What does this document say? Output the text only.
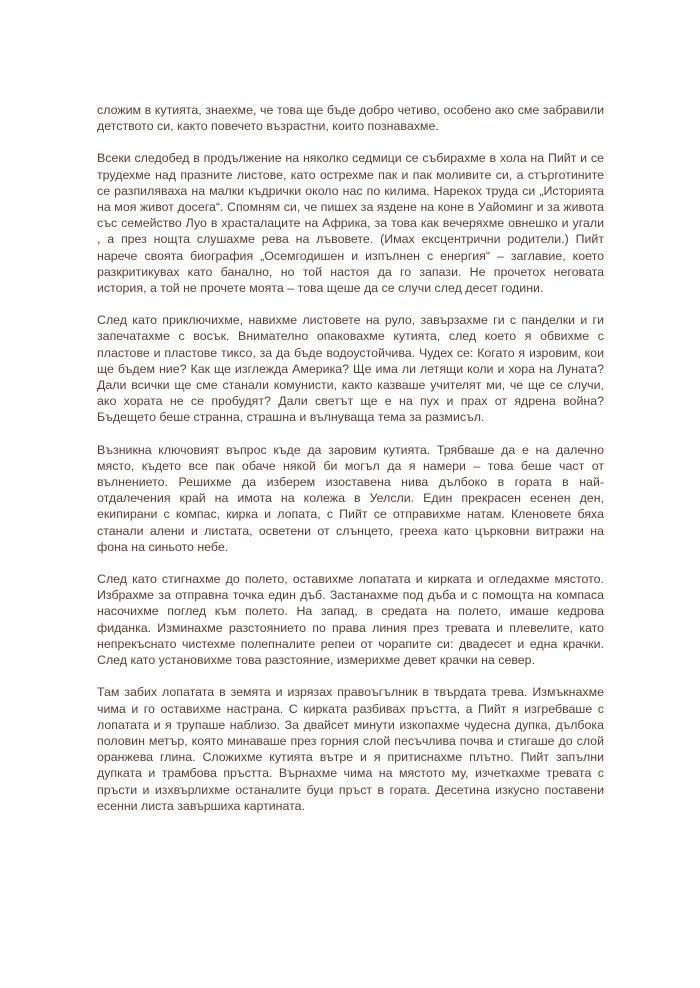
сложим в кутията, знаехме, че това ще бъде добро четиво, особено ако сме забравили детството си, както повечето възрастни, които познавахме.

Всеки следобед в продължение на няколко седмици се събирахме в хола на Пийт и се трудехме над празните листове, като острехме пак и пак моливите си, а стърготините се разпиляваха на малки къдрички около нас по килима. Нарекох труда си „Историята на моя живот досега“. Спомням си, че пишех за яздене на коне в Уайоминг и за живота със семейство Луо в храсталаците на Африка, за това как вечеряхме овнешко и угали , а през нощта слушахме рева на лъвовете. (Имах ексцентрични родители.) Пийт нарече своята биография „Осемгодишен и изпълнен с енергия“ – заглавие, което разкритикувах като банално, но той настоя да го запази. Не прочетох неговата история, а той не прочете моята – това щеше да се случи след десет години.

След като приключихме, навихме листовете на руло, завързахме ги с панделки и ги запечатахме с восък. Внимателно опаковахме кутията, след което я обвихме с пластове и пластове тиксо, за да бъде водоустойчива. Чудех се: Когато я изровим, кои ще бъдем ние? Как ще изглежда Америка? Ще има ли летящи коли и хора на Луната? Дали всички ще сме станали комунисти, както казваше учителят ми, че ще се случи, ако хората не се пробудят? Дали светът ще е на пух и прах от ядрена война? Бъдещето беше странна, страшна и вълнуваща тема за размисъл.

Възникна ключовият въпрос къде да заровим кутията. Трябваше да е на далечно място, където все пак обаче някой би могъл да я намери – това беше част от вълнението. Решихме да изберем изоставена нива дълбоко в гората в най-отдалечения край на имота на колежа в Уелсли. Един прекрасен есенен ден, екипирани с компас, кирка и лопата, с Пийт се отправихме натам. Кленовете бяха станали алени и листата, осветени от слънцето, грееха като църковни витражи на фона на синьото небе.

След като стигнахме до полето, оставихме лопатата и кирката и огледахме мястото. Избрахме за отправна точка един дъб. Застанахме под дъба и с помощта на компаса насочихме поглед към полето. На запад, в средата на полето, имаше кедрова фиданка. Изминахме разстоянието по права линия през тревата и плевелите, като непрекъснато чистехме полепналите репеи от чорапите си: двадесет и една крачки. След като установихме това разстояние, измерихме девет крачки на север.

Там забих лопатата в земята и изрязах правоъгълник в твърдата трева. Измъкнахме чима и го оставихме настрана. С кирката разбивах пръстта, а Пийт я изгребваше с лопатата и я трупаше наблизо. За двайсет минути изкопахме чудесна дупка, дълбока половин метър, която минаваше през горния слой песъчлива почва и стигаше до слой оранжева глина. Сложихме кутията вътре и я притиснахме плътно. Пийт запълни дупката и трамбова пръстта. Върнахме чима на мястото му, изчеткахме тревата с пръсти и изхвърлихме останалите буци пръст в гората. Десетина изкусно поставени есенни листа завършиха картината.
